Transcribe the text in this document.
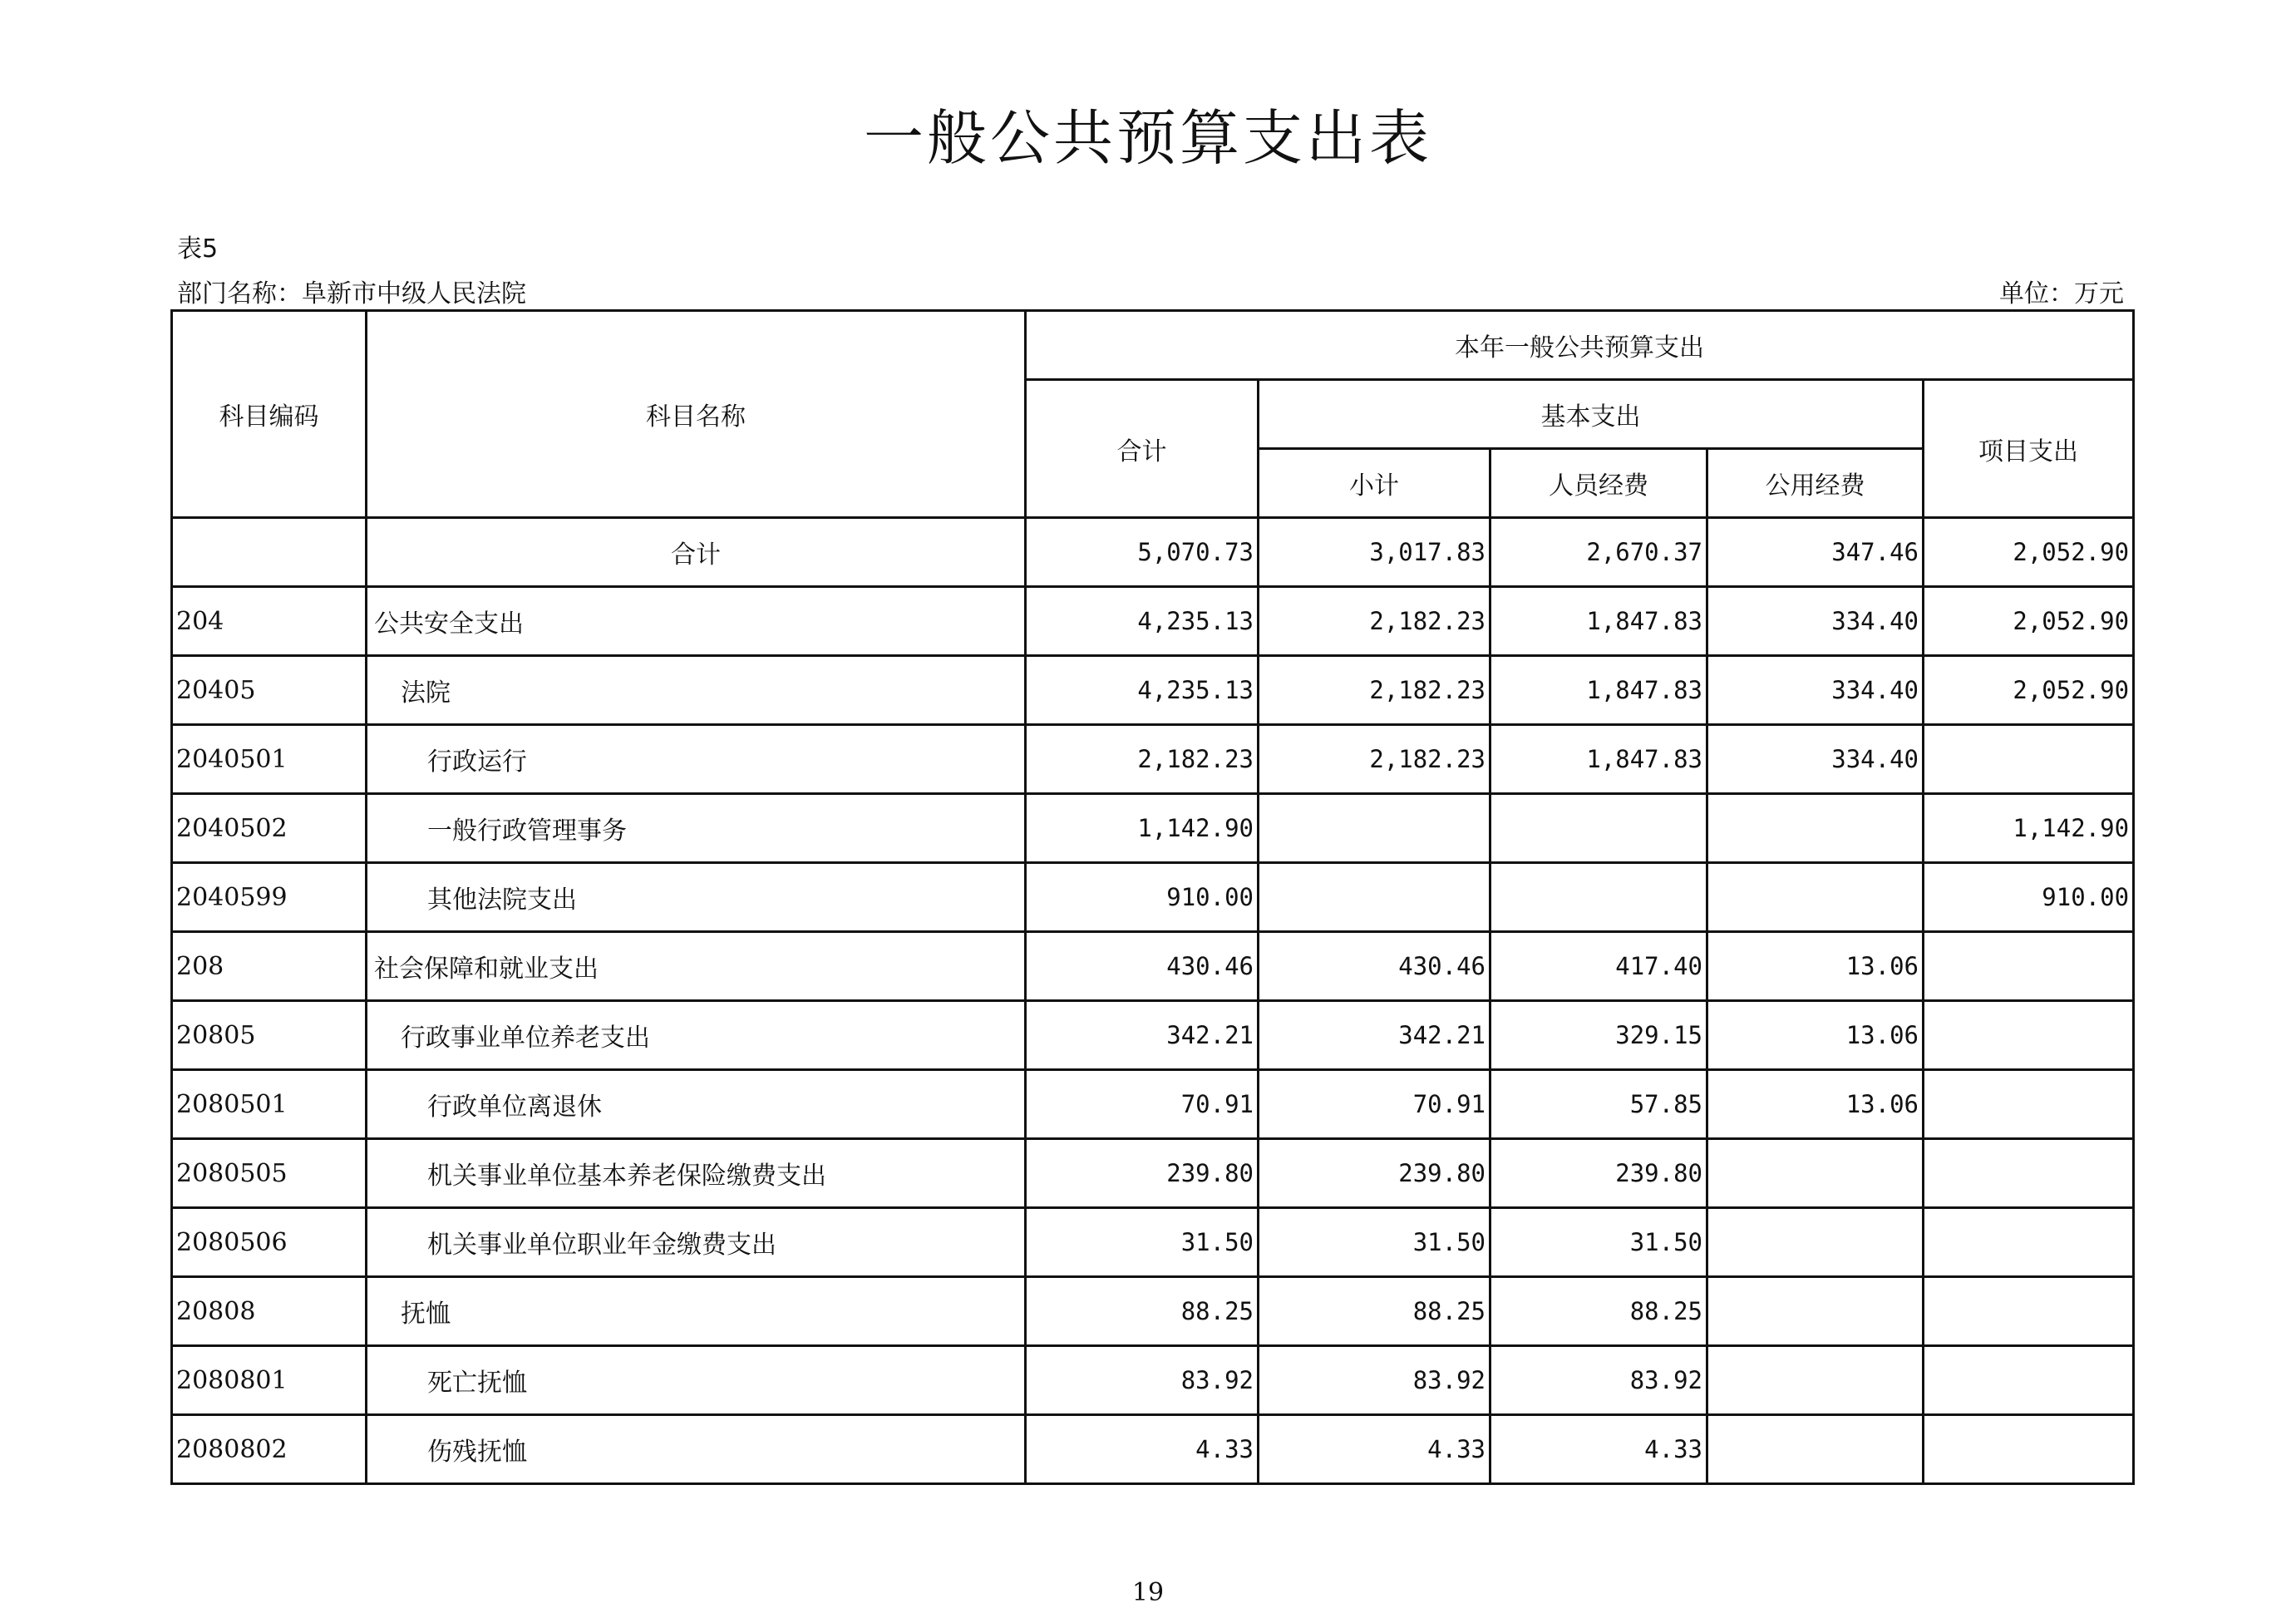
一般公共预算支出表
表5
部门名称：阜新市中级人民法院	单位：万元
科目编码	科目名称	本年一般公共预算支出				
		合计	基本支出			项目支出
			小计	人员经费	公用经费	
	合计	5,070.73	3,017.83	2,670.37	347.46	2,052.90
204	公共安全支出	4,235.13	2,182.23	1,847.83	334.40	2,052.90
20405	法院	4,235.13	2,182.23	1,847.83	334.40	2,052.90
2040501	行政运行	2,182.23	2,182.23	1,847.83	334.40	
2040502	一般行政管理事务	1,142.90				1,142.90
2040599	其他法院支出	910.00				910.00
208	社会保障和就业支出	430.46	430.46	417.40	13.06	
20805	行政事业单位养老支出	342.21	342.21	329.15	13.06	
2080501	行政单位离退休	70.91	70.91	57.85	13.06	
2080505	机关事业单位基本养老保险缴费支出	239.80	239.80	239.80		
2080506	机关事业单位职业年金缴费支出	31.50	31.50	31.50		
20808	抚恤	88.25	88.25	88.25		
2080801	死亡抚恤	83.92	83.92	83.92		
2080802	伤残抚恤	4.33	4.33	4.33		
19
